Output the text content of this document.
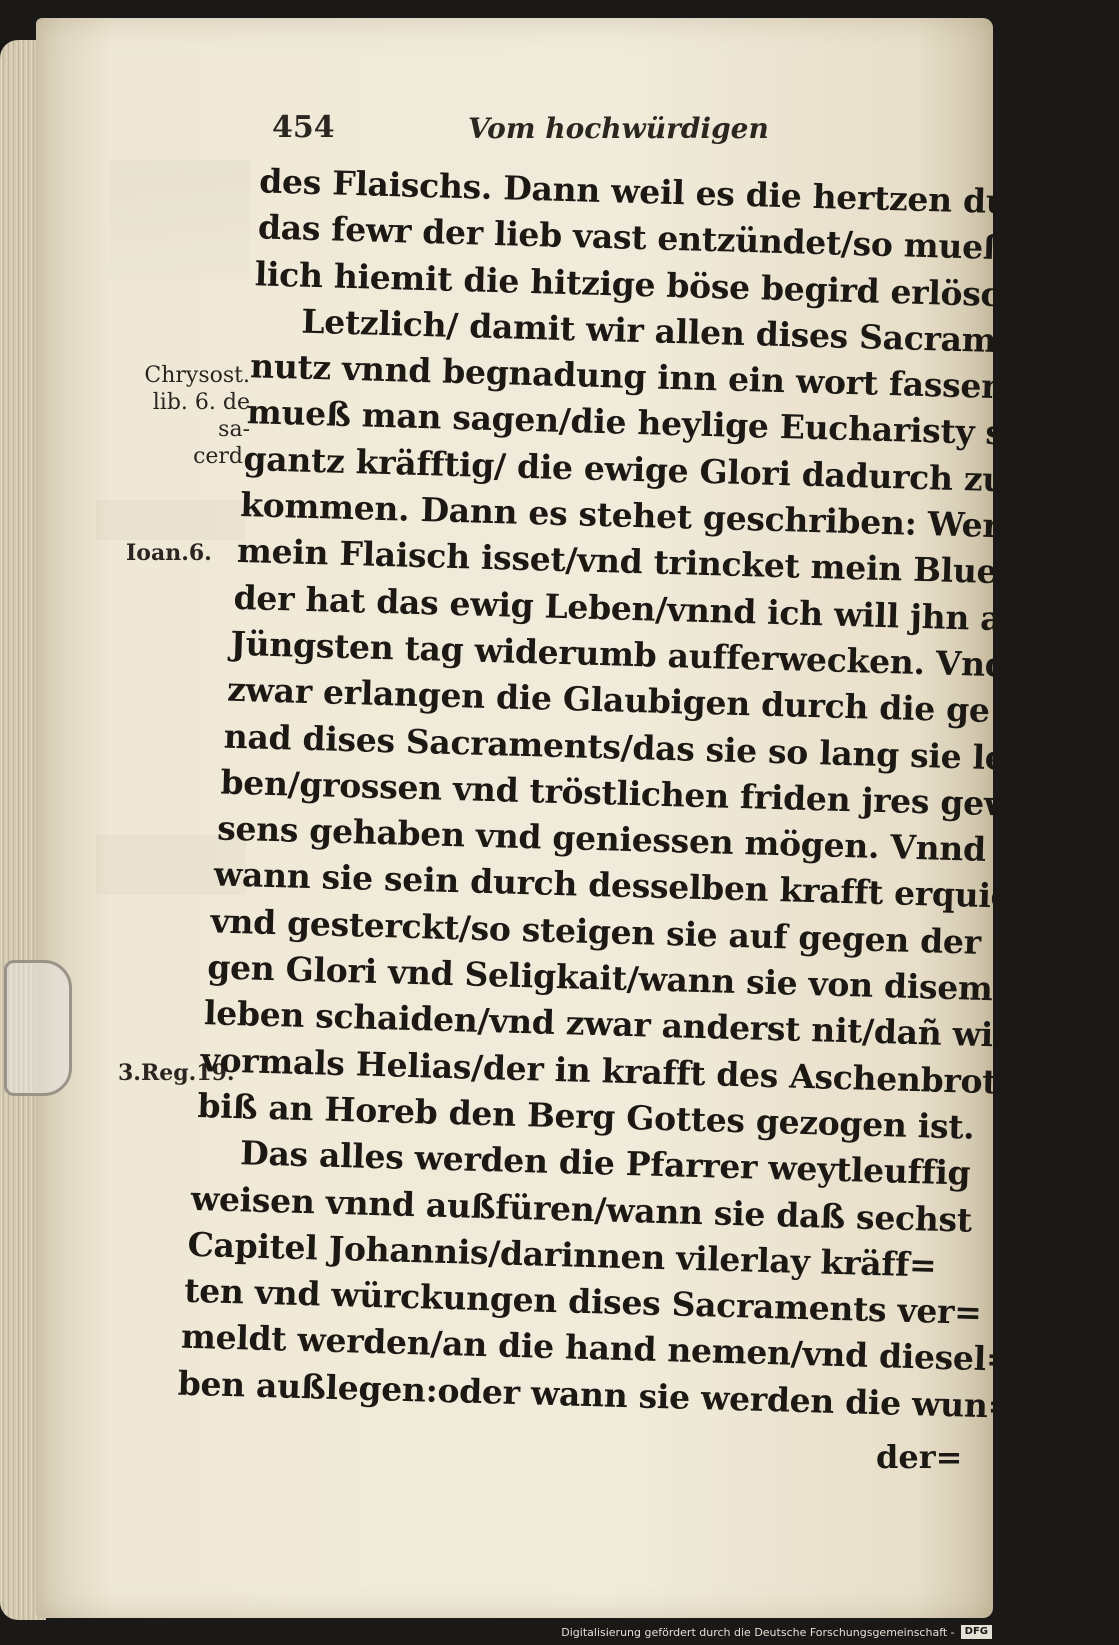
454	Vom hochwürdigen
Chrysost.
lib. 6. de sa-
cerd.
Ioan.6.
3.Reg.19.
des Flaischs. Dann weil es die hertzen durch
das fewr der lieb vast entzündet/so mueß frey=
lich hiemit die hitzige böse begird erlöschen.
Letzlich/ damit wir allen dises Sacramēts
nutz vnnd begnadung inn ein wort fassen/so
mueß man sagen/die heylige Eucharisty sey
gantz kräfftig/ die ewige Glori dadurch zube=
kommen. Dann es stehet geschriben: Wer
mein Flaisch isset/vnd trincket mein Bluet/
der hat das ewig Leben/vnnd ich will jhn am
Jüngsten tag widerumb aufferwecken. Vnd
zwar erlangen die Glaubigen durch die ge=
nad dises Sacraments/das sie so lang sie le=
ben/grossen vnd tröstlichen friden jres gewis=
sens gehaben vnd geniessen mögen. Vnnd
wann sie sein durch desselben krafft erquickt
vnd gesterckt/so steigen sie auf gegen der ewi=
gen Glori vnd Seligkait/wann sie von disem
leben schaiden/vnd zwar anderst nit/dañ wie
vormals Helias/der in krafft des Aschenbrot
biß an Horeb den Berg Gottes gezogen ist.
Das alles werden die Pfarrer weytleuffig
weisen vnnd außfüren/wann sie daß sechst
Capitel Johannis/darinnen vilerlay kräff=
ten vnd würckungen dises Sacraments ver=
meldt werden/an die hand nemen/vnd diesel=
ben außlegen:oder wann sie werden die wun=
der=
Digitalisierung gefördert durch die Deutsche Forschungsgemeinschaft -	DFG
